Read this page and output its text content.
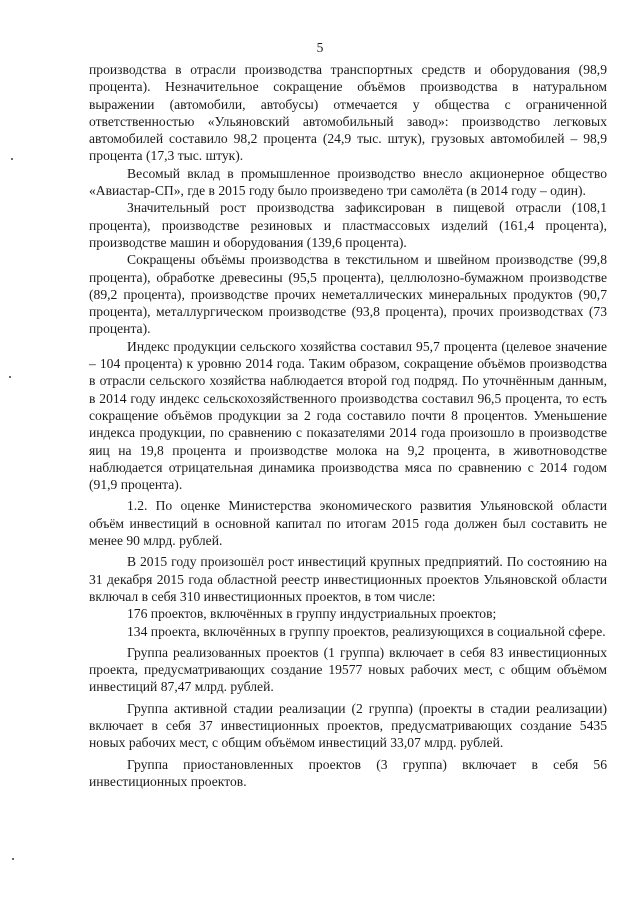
5

производства в отрасли производства транспортных средств и оборудования (98,9 процента). Незначительное сокращение объёмов производства в натуральном выражении (автомобили, автобусы) отмечается у общества с ограниченной ответственностью «Ульяновский автомобильный завод»: производство легковых автомобилей составило 98,2 процента (24,9 тыс. штук), грузовых автомобилей – 98,9 процента (17,3 тыс. штук).

Весомый вклад в промышленное производство внесло акционерное общество «Авиастар-СП», где в 2015 году было произведено три самолёта (в 2014 году – один).

Значительный рост производства зафиксирован в пищевой отрасли (108,1 процента), производстве резиновых и пластмассовых изделий (161,4 процента), производстве машин и оборудования (139,6 процента).

Сокращены объёмы производства в текстильном и швейном производстве (99,8 процента), обработке древесины (95,5 процента), целлюлозно-бумажном производстве (89,2 процента), производстве прочих неметаллических минеральных продуктов (90,7 процента), металлургическом производстве (93,8 процента), прочих производствах (73 процента).

Индекс продукции сельского хозяйства составил 95,7 процента (целевое значение – 104 процента) к уровню 2014 года. Таким образом, сокращение объёмов производства в отрасли сельского хозяйства наблюдается второй год подряд. По уточнённым данным, в 2014 году индекс сельскохозяйственного производства составил 96,5 процента, то есть сокращение объёмов продукции за 2 года составило почти 8 процентов. Уменьшение индекса продукции, по сравнению с показателями 2014 года произошло в производстве яиц на 19,8 процента и производстве молока на 9,2 процента, в животноводстве наблюдается отрицательная динамика производства мяса по сравнению с 2014 годом (91,9 процента).

1.2. По оценке Министерства экономического развития Ульяновской области объём инвестиций в основной капитал по итогам 2015 года должен был составить не менее 90 млрд. рублей.

В 2015 году произошёл рост инвестиций крупных предприятий. По состоянию на 31 декабря 2015 года областной реестр инвестиционных проектов Ульяновской области включал в себя 310 инвестиционных проектов, в том числе:

176 проектов, включённых в группу индустриальных проектов;

134 проекта, включённых в группу проектов, реализующихся в социальной сфере.

Группа реализованных проектов (1 группа) включает в себя 83 инвестиционных проекта, предусматривающих создание 19577 новых рабочих мест, с общим объёмом инвестиций 87,47 млрд. рублей.

Группа активной стадии реализации (2 группа) (проекты в стадии реализации) включает в себя 37 инвестиционных проектов, предусматривающих создание 5435 новых рабочих мест, с общим объёмом инвестиций 33,07 млрд. рублей.

Группа приостановленных проектов (3 группа) включает в себя 56 инвестиционных проектов.
